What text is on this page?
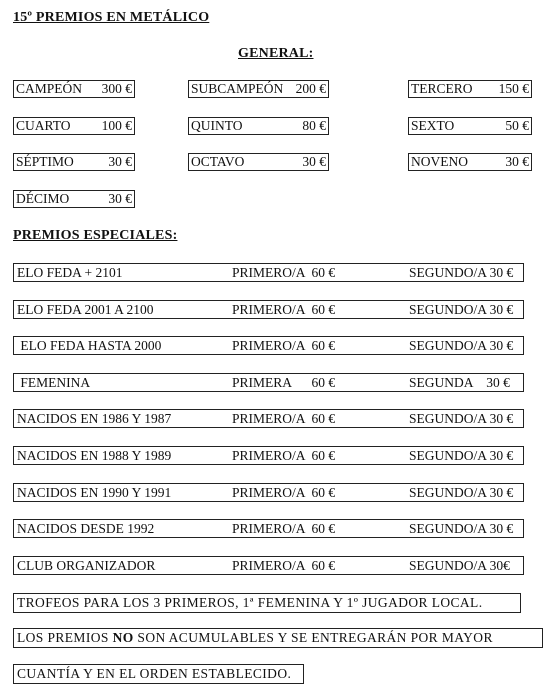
15º PREMIOS EN METÁLICO
GENERAL:
CAMPEÓN 300 €	SUBCAMPEÓN 200 €	TERCERO 150 €
CUARTO 100 €	QUINTO	80 €	SEXTO	50 €
SÉPTIMO	30 €	OCTAVO	30 €	NOVENO	30 €
DÉCIMO	30 €
PREMIOS ESPECIALES:
ELO FEDA + 2101	PRIMERO/A  60 €	SEGUNDO/A 30 €
ELO FEDA 2001 A 2100	PRIMERO/A  60 €	SEGUNDO/A 30 €
ELO FEDA HASTA 2000	PRIMERO/A  60 €	SEGUNDO/A 30 €
FEMENINA	PRIMERA      60 €	SEGUNDA    30 €
NACIDOS EN 1986 Y 1987	PRIMERO/A  60 €	SEGUNDO/A 30 €
NACIDOS EN 1988 Y 1989	PRIMERO/A  60 €	SEGUNDO/A 30 €
NACIDOS EN 1990 Y 1991	PRIMERO/A  60 €	SEGUNDO/A 30 €
NACIDOS DESDE 1992	PRIMERO/A  60 €	SEGUNDO/A 30 €
CLUB ORGANIZADOR	PRIMERO/A  60 €	SEGUNDO/A 30€
TROFEOS PARA LOS 3 PRIMEROS, 1ª FEMENINA Y 1º JUGADOR LOCAL.
LOS PREMIOS NO SON ACUMULABLES Y SE ENTREGARÁN POR MAYOR
CUANTÍA Y EN EL ORDEN ESTABLECIDO.
